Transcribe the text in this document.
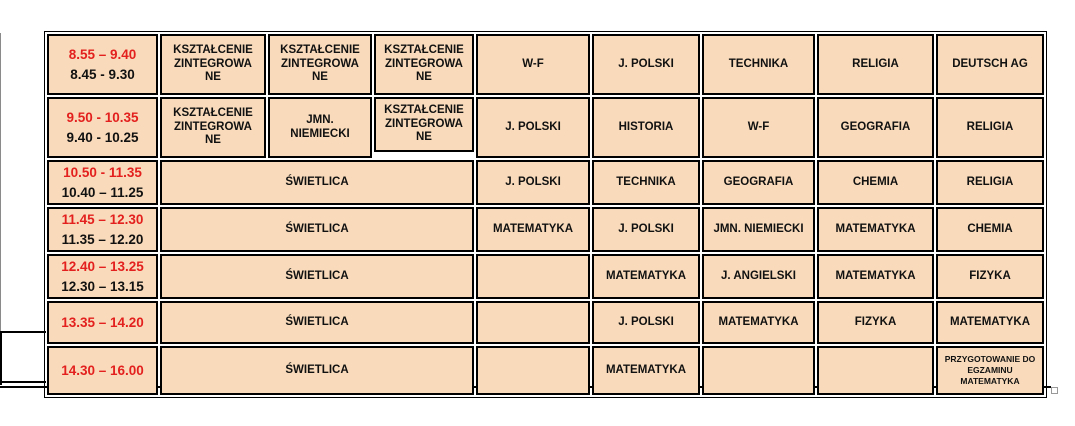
8.55 – 9.40
8.45 - 9.30	KSZTAŁCENIE ZINTEGROWANE	KSZTAŁCENIE ZINTEGROWANE	KSZTAŁCENIE ZINTEGROWANE	W-F	J. POLSKI	TECHNIKA	RELIGIA	DEUTSCH AG

9.50 - 10.35
9.40 - 10.25	KSZTAŁCENIE ZINTEGROWANE	JMN. NIEMIECKI	KSZTAŁCENIE ZINTEGROWANE	J. POLSKI	HISTORIA	W-F	GEOGRAFIA	RELIGIA

10.50 - 11.35
10.40 – 11.25	ŚWIETLICA			J. POLSKI	TECHNIKA	GEOGRAFIA	CHEMIA	RELIGIA

11.45 – 12.30
11.35 – 12.20	ŚWIETLICA			MATEMATYKA	J. POLSKI	JMN. NIEMIECKI	MATEMATYKA	CHEMIA

12.40 – 13.25
12.30 – 13.15	ŚWIETLICA				MATEMATYKA	J. ANGIELSKI	MATEMATYKA	FIZYKA

13.35 – 14.20	ŚWIETLICA				J. POLSKI	MATEMATYKA	FIZYKA	MATEMATYKA

14.30 – 16.00	ŚWIETLICA				MATEMATYKA			PRZYGOTOWANIE DO EGZAMINU MATEMATYKA
